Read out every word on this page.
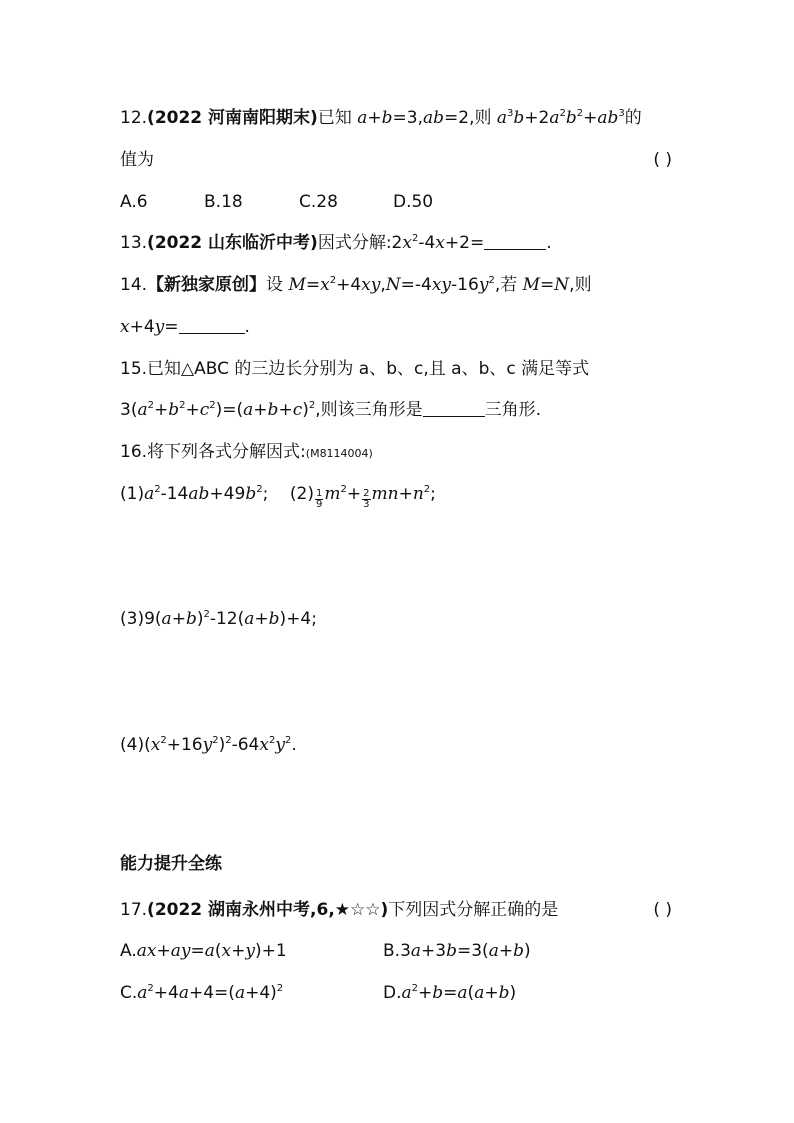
12.(2022 河南南阳期末)已知 a+b=3,ab=2,则 $a^3b+2a^2b^2+ab^3$的
值为	( )
A.6	B.18	C.28	D.50
13.(2022 山东临沂中考)因式分解$:2x^2-4x+2=$	.
14.【新独家原创】设 $M=x^2+4xy,N=-4xy-16y^2$,若 M=N,则
x+4y=	.
15.已知△ABC 的三边长分别为 a、b、c,且 a、b、c 满足等式
$3(a^2+b^2+c^2)=(a+b+c)^2$,则该三角形是	三角形.
16.将下列各式分解因式:(M8114004)
$(1)a^2-14ab+49b^2$;    $(2) \frac{1}{9} m^2+ \frac{2}{3} mn+n^2$;
$(3)9(a+b)^2-12(a+b)+4$;
$(4)(x^2+16y^2)^2-64x^2y^2$.
能力提升全练
17.(2022 湖南永州中考,6,★☆☆)下列因式分解正确的是	( )
A.ax+ay=a(x+y)+1	B.3a+3b=3(a+b)
$C.a^2+4a+4=(a+4)^2$	$D.a^2+b=a(a+b)$
